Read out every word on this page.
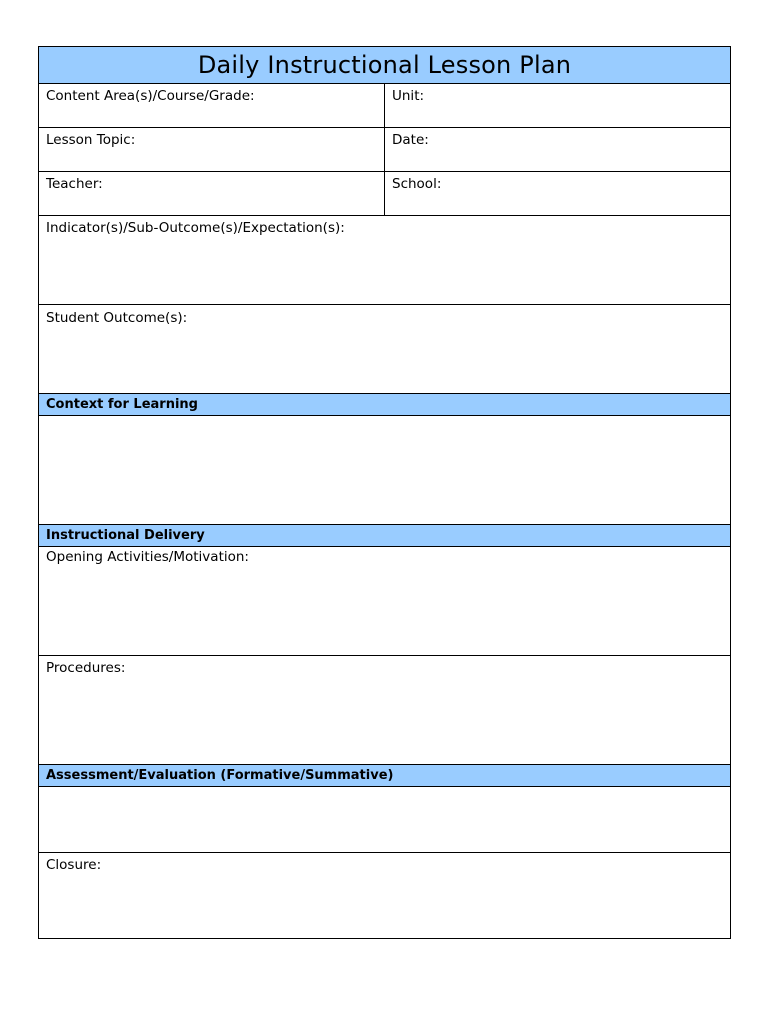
Daily Instructional Lesson Plan
Content Area(s)/Course/Grade:	Unit:
Lesson Topic:	Date:
Teacher:	School:
Indicator(s)/Sub-Outcome(s)/Expectation(s):
Student Outcome(s):
Context for Learning
Instructional Delivery
Opening Activities/Motivation:
Procedures:
Assessment/Evaluation (Formative/Summative)
Closure:
